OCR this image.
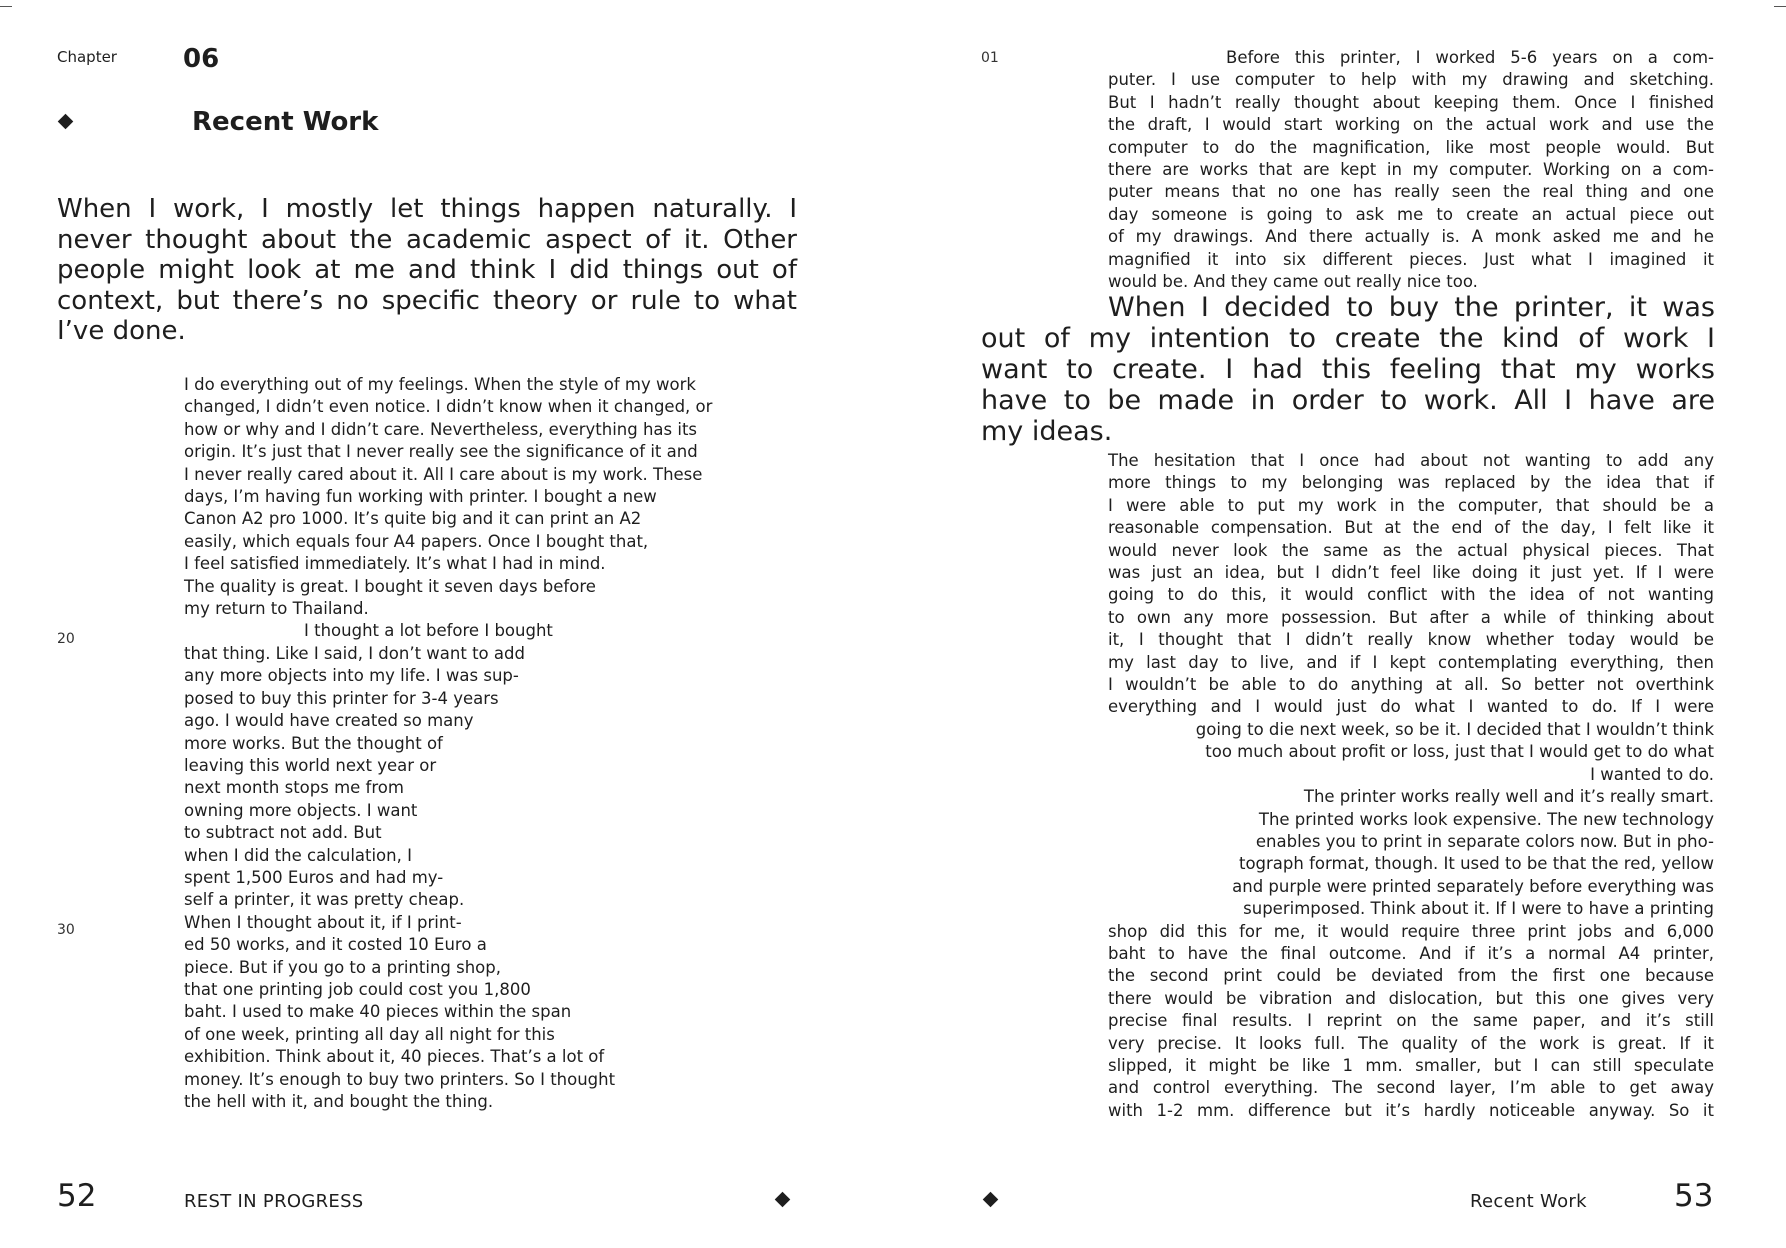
Chapter	06
Recent Work
When I work, I mostly let things happen naturally. I never thought about the academic aspect of it. Other people might look at me and think I did things out of context, but there’s no specific theory or rule to what I’ve done.
I do everything out of my feelings. When the style of my work
changed, I didn’t even notice. I didn’t know when it changed, or
how or why and I didn’t care. Nevertheless, everything has its
origin. It’s just that I never really see the significance of it and
I never really cared about it. All I care about is my work. These
days, I’m having fun working with printer. I bought a new
Canon A2 pro 1000. It’s quite big and it can print an A2
easily, which equals four A4 papers. Once I bought that,
I feel satisfied immediately. It’s what I had in mind.
The quality is great. I bought it seven days before
my return to Thailand.
I thought a lot before I bought
that thing. Like I said, I don’t want to add
any more objects into my life. I was sup-
posed to buy this printer for 3-4 years
ago. I would have created so many
more works. But the thought of
leaving this world next year or
next month stops me from
owning more objects. I want
to subtract not add. But
when I did the calculation, I
spent 1,500 Euros and had my-
self a printer, it was pretty cheap.
When I thought about it, if I print-
ed 50 works, and it costed 10 Euro a
piece. But if you go to a printing shop,
that one printing job could cost you 1,800
baht. I used to make 40 pieces within the span
of one week, printing all day all night for this
exhibition. Think about it, 40 pieces. That’s a lot of
money. It’s enough to buy two printers. So I thought
the hell with it, and bought the thing.
20
30
52	REST IN PROGRESS
01	Before this printer, I worked 5-6 years on a com-
puter. I use computer to help with my drawing and sketching.
But I hadn’t really thought about keeping them. Once I finished
the draft, I would start working on the actual work and use the
computer to do the magnification, like most people would. But
there are works that are kept in my computer. Working on a com-
puter means that no one has really seen the real thing and one
day someone is going to ask me to create an actual piece out
of my drawings. And there actually is. A monk asked me and he
magnified it into six different pieces. Just what I imagined it
would be. And they came out really nice too.
When I decided to buy the printer, it was
out of my intention to create the kind of work I
want to create. I had this feeling that my works
have to be made in order to work. All I have are
my ideas.
The hesitation that I once had about not wanting to add any
more things to my belonging was replaced by the idea that if
I were able to put my work in the computer, that should be a
reasonable compensation. But at the end of the day, I felt like it
would never look the same as the actual physical pieces. That
was just an idea, but I didn’t feel like doing it just yet. If I were
going to do this, it would conflict with the idea of not wanting
to own any more possession. But after a while of thinking about
it, I thought that I didn’t really know whether today would be
my last day to live, and if I kept contemplating everything, then
I wouldn’t be able to do anything at all. So better not overthink
everything and I would just do what I wanted to do. If I were
going to die next week, so be it. I decided that I wouldn’t think
too much about profit or loss, just that I would get to do what
I wanted to do.
The printer works really well and it’s really smart.
The printed works look expensive. The new technology
enables you to print in separate colors now. But in pho-
tograph format, though. It used to be that the red, yellow
and purple were printed separately before everything was
superimposed. Think about it. If I were to have a printing
shop did this for me, it would require three print jobs and 6,000
baht to have the final outcome. And if it’s a normal A4 printer,
the second print could be deviated from the first one because
there would be vibration and dislocation, but this one gives very
precise final results. I reprint on the same paper, and it’s still
very precise. It looks full. The quality of the work is great. If it
slipped, it might be like 1 mm. smaller, but I can still speculate
and control everything. The second layer, I’m able to get away
with 1-2 mm. difference but it’s hardly noticeable anyway. So it
Recent Work	53
